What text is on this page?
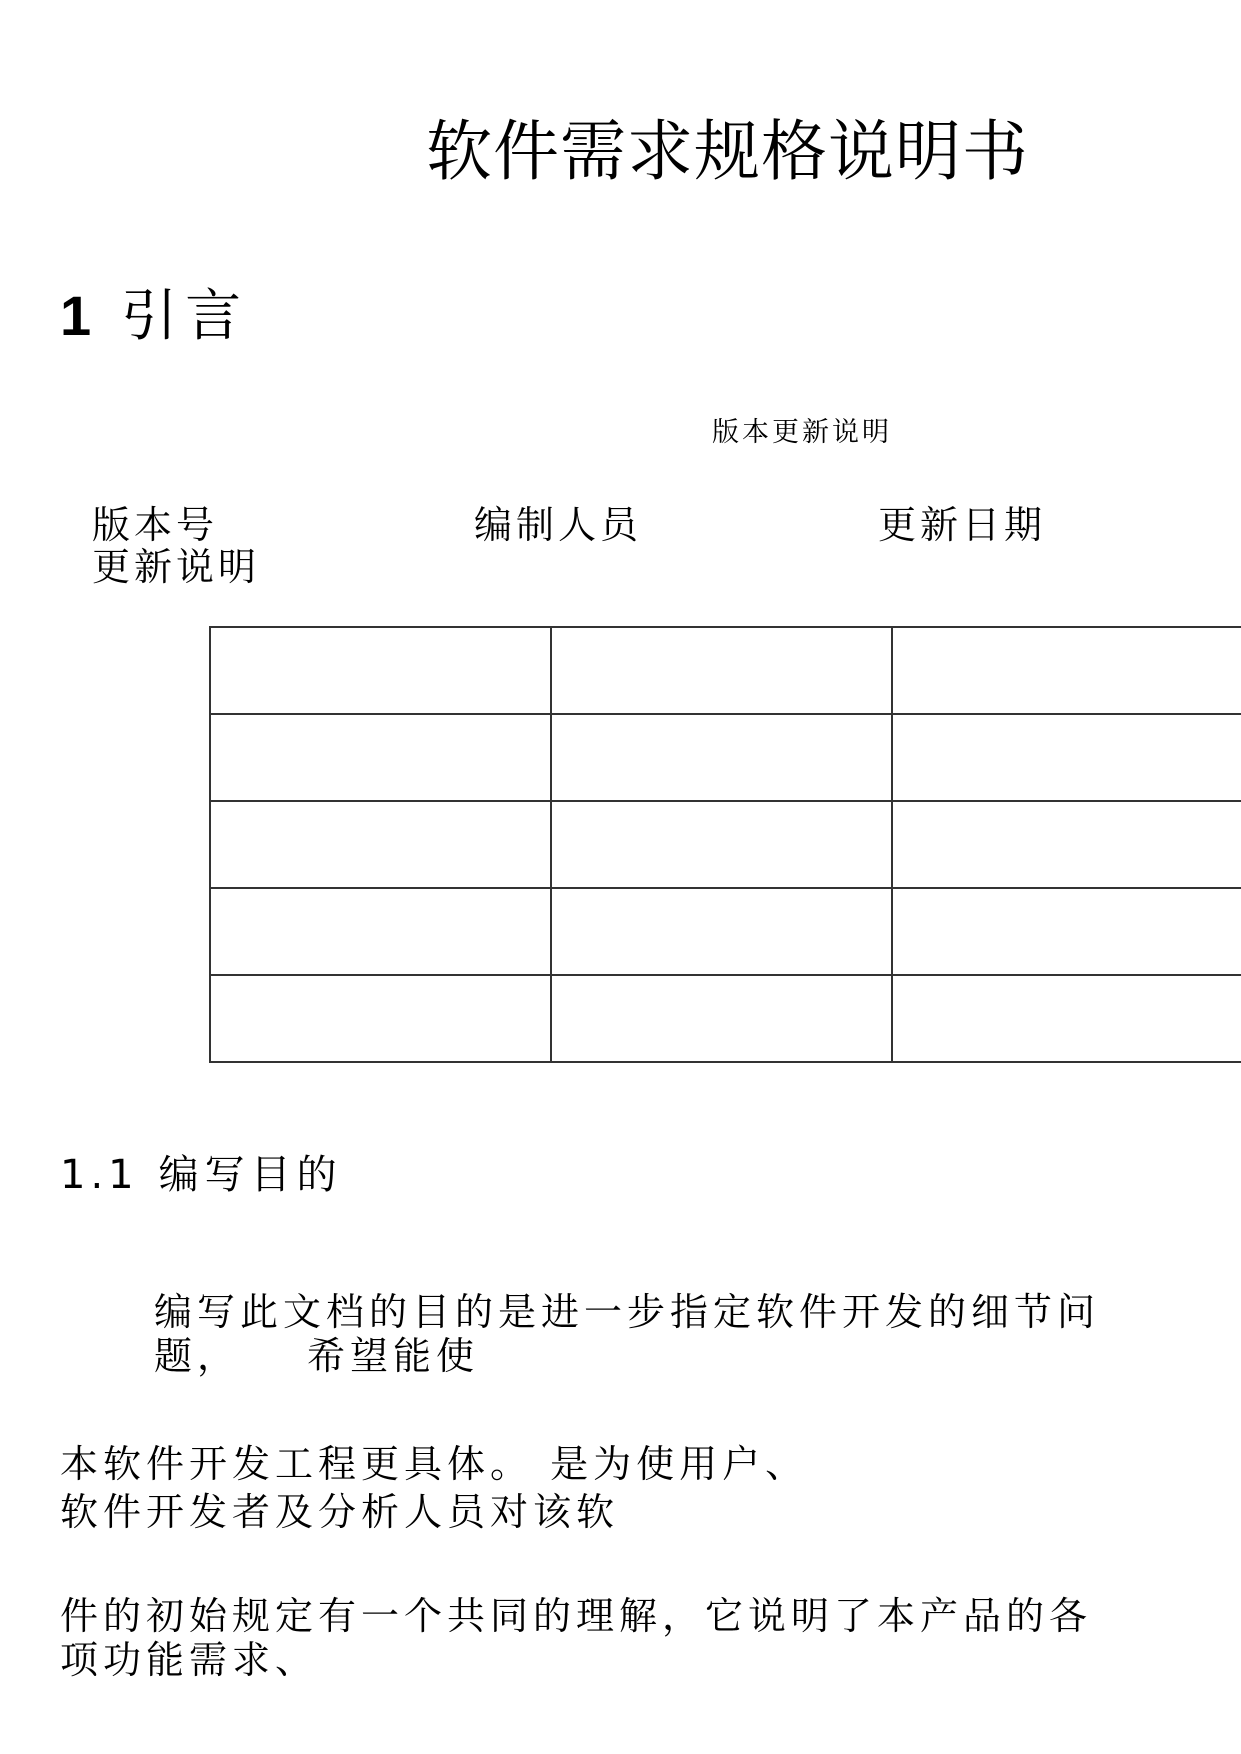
软件需求规格说明书
1 引言
版本更新说明
版本号	编制人员	更新日期
更新说明

1.1 编写目的
编写此文档的目的是进一步指定软件开发的细节问
题，　　希望能使
本软件开发工程更具体。 是为使用户、
软件开发者及分析人员对该软
件的初始规定有一个共同的理解，它说明了本产品的各
项功能需求、
